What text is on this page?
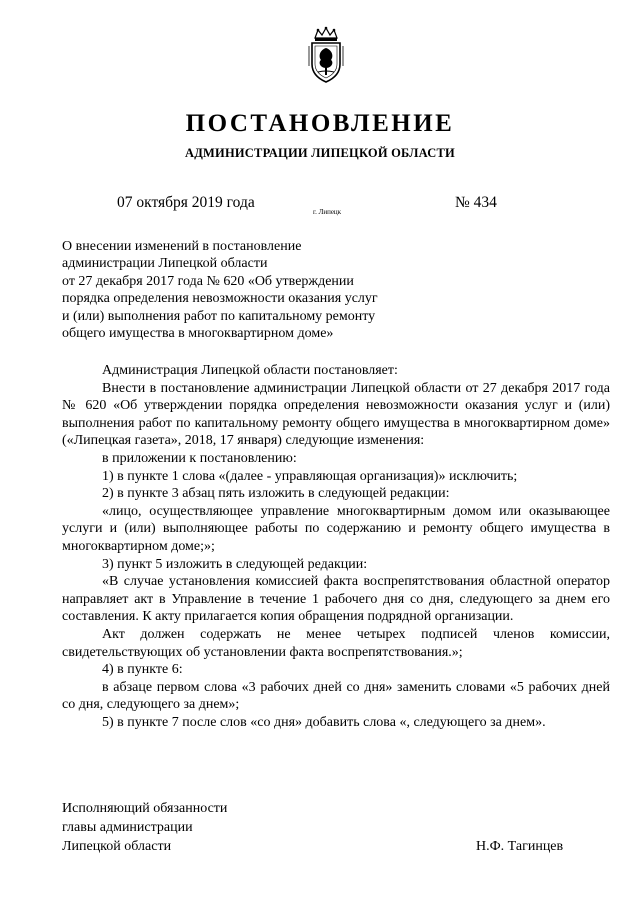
ПОСТАНОВЛЕНИЕ
АДМИНИСТРАЦИИ ЛИПЕЦКОЙ ОБЛАСТИ
07 октября 2019 года
г. Липецк
№ 434
О внесении изменений в постановление
администрации Липецкой области
от 27 декабря 2017 года № 620 «Об утверждении
порядка определения невозможности оказания услуг
и (или) выполнения работ по капитальному ремонту
общего имущества в многоквартирном доме»

Администрация Липецкой области постановляет:

Внести в постановление администрации Липецкой области от 27 декабря 2017 года № 620 «Об утверждении порядка определения невозможности оказания услуг и (или) выполнения работ по капитальному ремонту общего имущества в многоквартирном доме» («Липецкая газета», 2018, 17 января) следующие изменения:

в приложении к постановлению:

1) в пункте 1 слова «(далее - управляющая организация)» исключить;

2) в пункте 3 абзац пять изложить в следующей редакции:

«лицо, осуществляющее управление многоквартирным домом или оказывающее услуги и (или) выполняющее работы по содержанию и ремонту общего имущества в многоквартирном доме;»;

3) пункт 5 изложить в следующей редакции:

«В случае установления комиссией факта воспрепятствования областной оператор направляет акт в Управление в течение 1 рабочего дня со дня, следующего за днем его составления. К акту прилагается копия обращения подрядной организации.

Акт должен содержать не менее четырех подписей членов комиссии, свидетельствующих об установлении факта воспрепятствования.»;

4) в пункте 6:

в абзаце первом слова «3 рабочих дней со дня» заменить словами «5 рабочих дней со дня, следующего за днем»;

5) в пункте 7 после слов «со дня» добавить слова «, следующего за днем».

Исполняющий обязанности
главы администрации
Липецкой области	Н.Ф. Тагинцев
